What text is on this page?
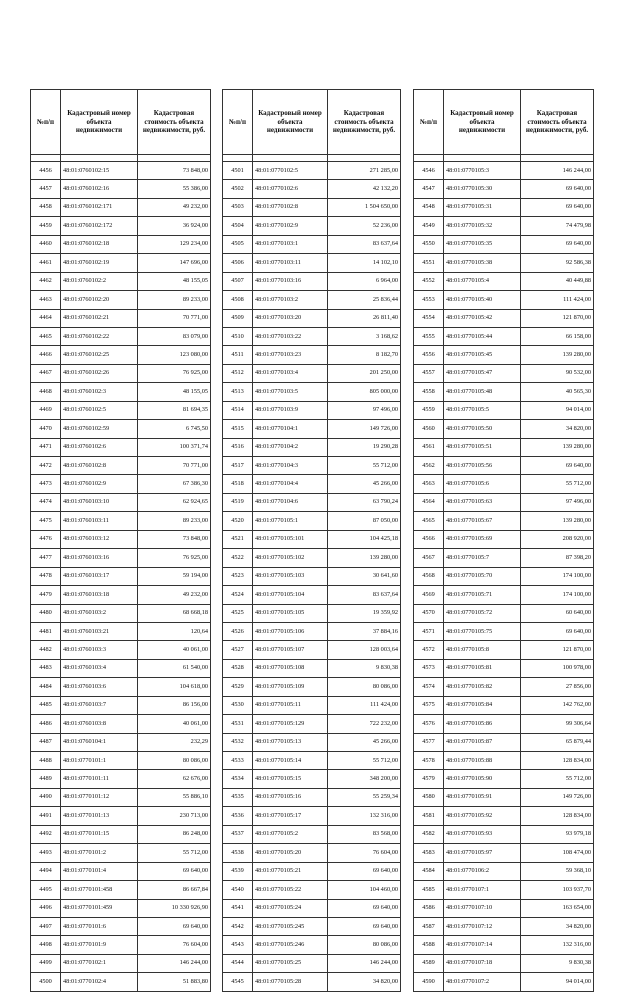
№п/п	Кадастровый номер объекта недвижимости	Кадастровая стоимость объекта недвижимости, руб.

4456	48:01:0760102:15	73 848,00
4457	48:01:0760102:16	55 386,00
4458	48:01:0760102:171	49 232,00
4459	48:01:0760102:172	36 924,00
4460	48:01:0760102:18	129 234,00
4461	48:01:0760102:19	147 696,00
4462	48:01:0760102:2	48 155,05
4463	48:01:0760102:20	89 233,00
4464	48:01:0760102:21	70 771,00
4465	48:01:0760102:22	83 079,00
4466	48:01:0760102:25	123 080,00
4467	48:01:0760102:26	76 925,00
4468	48:01:0760102:3	48 155,05
4469	48:01:0760102:5	81 694,35
4470	48:01:0760102:59	6 745,50
4471	48:01:0760102:6	100 371,74
4472	48:01:0760102:8	70 771,00
4473	48:01:0760102:9	67 386,30
4474	48:01:0760103:10	62 924,65
4475	48:01:0760103:11	89 233,00
4476	48:01:0760103:12	73 848,00
4477	48:01:0760103:16	76 925,00
4478	48:01:0760103:17	59 194,00
4479	48:01:0760103:18	49 232,00
4480	48:01:0760103:2	68 668,18
4481	48:01:0760103:21	120,64
4482	48:01:0760103:3	40 061,00
4483	48:01:0760103:4	61 540,00
4484	48:01:0760103:6	104 618,00
4485	48:01:0760103:7	86 156,00
4486	48:01:0760103:8	40 061,00
4487	48:01:0760104:1	232,29
4488	48:01:0770101:1	80 086,00
4489	48:01:0770101:11	62 676,00
4490	48:01:0770101:12	55 886,10
4491	48:01:0770101:13	230 713,00
4492	48:01:0770101:15	86 248,00
4493	48:01:0770101:2	55 712,00
4494	48:01:0770101:4	69 640,00
4495	48:01:0770101:458	86 667,84
4496	48:01:0770101:459	10 330 926,90
4497	48:01:0770101:6	69 640,00
4498	48:01:0770101:9	76 604,00
4499	48:01:0770102:1	146 244,00
4500	48:01:0770102:4	51 883,80
№п/п	Кадастровый номер объекта недвижимости	Кадастровая стоимость объекта недвижимости, руб.

4501	48:01:0770102:5	271 285,00
4502	48:01:0770102:6	42 132,20
4503	48:01:0770102:8	1 504 650,00
4504	48:01:0770102:9	52 236,00
4505	48:01:0770103:1	83 637,64
4506	48:01:0770103:11	14 102,10
4507	48:01:0770103:16	6 964,00
4508	48:01:0770103:2	25 836,44
4509	48:01:0770103:20	26 811,40
4510	48:01:0770103:22	3 168,62
4511	48:01:0770103:23	8 182,70
4512	48:01:0770103:4	201 250,00
4513	48:01:0770103:5	805 000,00
4514	48:01:0770103:9	97 496,00
4515	48:01:0770104:1	149 726,00
4516	48:01:0770104:2	19 290,28
4517	48:01:0770104:3	55 712,00
4518	48:01:0770104:4	45 266,00
4519	48:01:0770104:6	63 790,24
4520	48:01:0770105:1	87 050,00
4521	48:01:0770105:101	104 425,18
4522	48:01:0770105:102	139 280,00
4523	48:01:0770105:103	30 641,60
4524	48:01:0770105:104	83 637,64
4525	48:01:0770105:105	19 359,92
4526	48:01:0770105:106	37 884,16
4527	48:01:0770105:107	128 003,64
4528	48:01:0770105:108	9 830,38
4529	48:01:0770105:109	80 086,00
4530	48:01:0770105:11	111 424,00
4531	48:01:0770105:129	722 232,00
4532	48:01:0770105:13	45 266,00
4533	48:01:0770105:14	55 712,00
4534	48:01:0770105:15	348 200,00
4535	48:01:0770105:16	55 259,34
4536	48:01:0770105:17	132 316,00
4537	48:01:0770105:2	83 568,00
4538	48:01:0770105:20	76 604,00
4539	48:01:0770105:21	69 640,00
4540	48:01:0770105:22	104 460,00
4541	48:01:0770105:24	69 640,00
4542	48:01:0770105:245	69 640,00
4543	48:01:0770105:246	80 086,00
4544	48:01:0770105:25	146 244,00
4545	48:01:0770105:28	34 820,00
№п/п	Кадастровый номер объекта недвижимости	Кадастровая стоимость объекта недвижимости, руб.

4546	48:01:0770105:3	146 244,00
4547	48:01:0770105:30	69 640,00
4548	48:01:0770105:31	69 640,00
4549	48:01:0770105:32	74 479,98
4550	48:01:0770105:35	69 640,00
4551	48:01:0770105:38	92 586,38
4552	48:01:0770105:4	40 449,88
4553	48:01:0770105:40	111 424,00
4554	48:01:0770105:42	121 870,00
4555	48:01:0770105:44	66 158,00
4556	48:01:0770105:45	139 280,00
4557	48:01:0770105:47	90 532,00
4558	48:01:0770105:48	40 565,30
4559	48:01:0770105:5	94 014,00
4560	48:01:0770105:50	34 820,00
4561	48:01:0770105:51	139 280,00
4562	48:01:0770105:56	69 640,00
4563	48:01:0770105:6	55 712,00
4564	48:01:0770105:63	97 496,00
4565	48:01:0770105:67	139 280,00
4566	48:01:0770105:69	208 920,00
4567	48:01:0770105:7	87 398,20
4568	48:01:0770105:70	174 100,00
4569	48:01:0770105:71	174 100,00
4570	48:01:0770105:72	60 640,00
4571	48:01:0770105:75	69 640,00
4572	48:01:0770105:8	121 870,00
4573	48:01:0770105:81	100 978,00
4574	48:01:0770105:82	27 856,00
4575	48:01:0770105:84	142 762,00
4576	48:01:0770105:86	99 306,64
4577	48:01:0770105:87	65 879,44
4578	48:01:0770105:88	128 834,00
4579	48:01:0770105:90	55 712,00
4580	48:01:0770105:91	149 726,00
4581	48:01:0770105:92	128 834,00
4582	48:01:0770105:93	93 979,18
4583	48:01:0770105:97	108 474,00
4584	48:01:0770106:2	59 368,10
4585	48:01:0770107:1	103 937,70
4586	48:01:0770107:10	163 654,00
4587	48:01:0770107:12	34 820,00
4588	48:01:0770107:14	132 316,00
4589	48:01:0770107:18	9 830,38
4590	48:01:0770107:2	94 014,00
